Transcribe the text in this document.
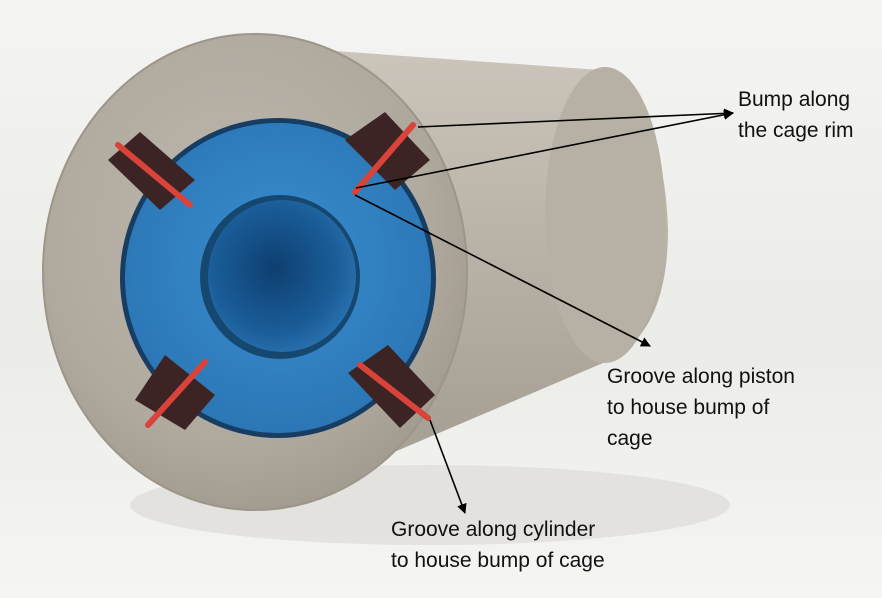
Bump along
the cage rim
Groove along piston
to house bump of
cage
Groove along cylinder
to house bump of cage
